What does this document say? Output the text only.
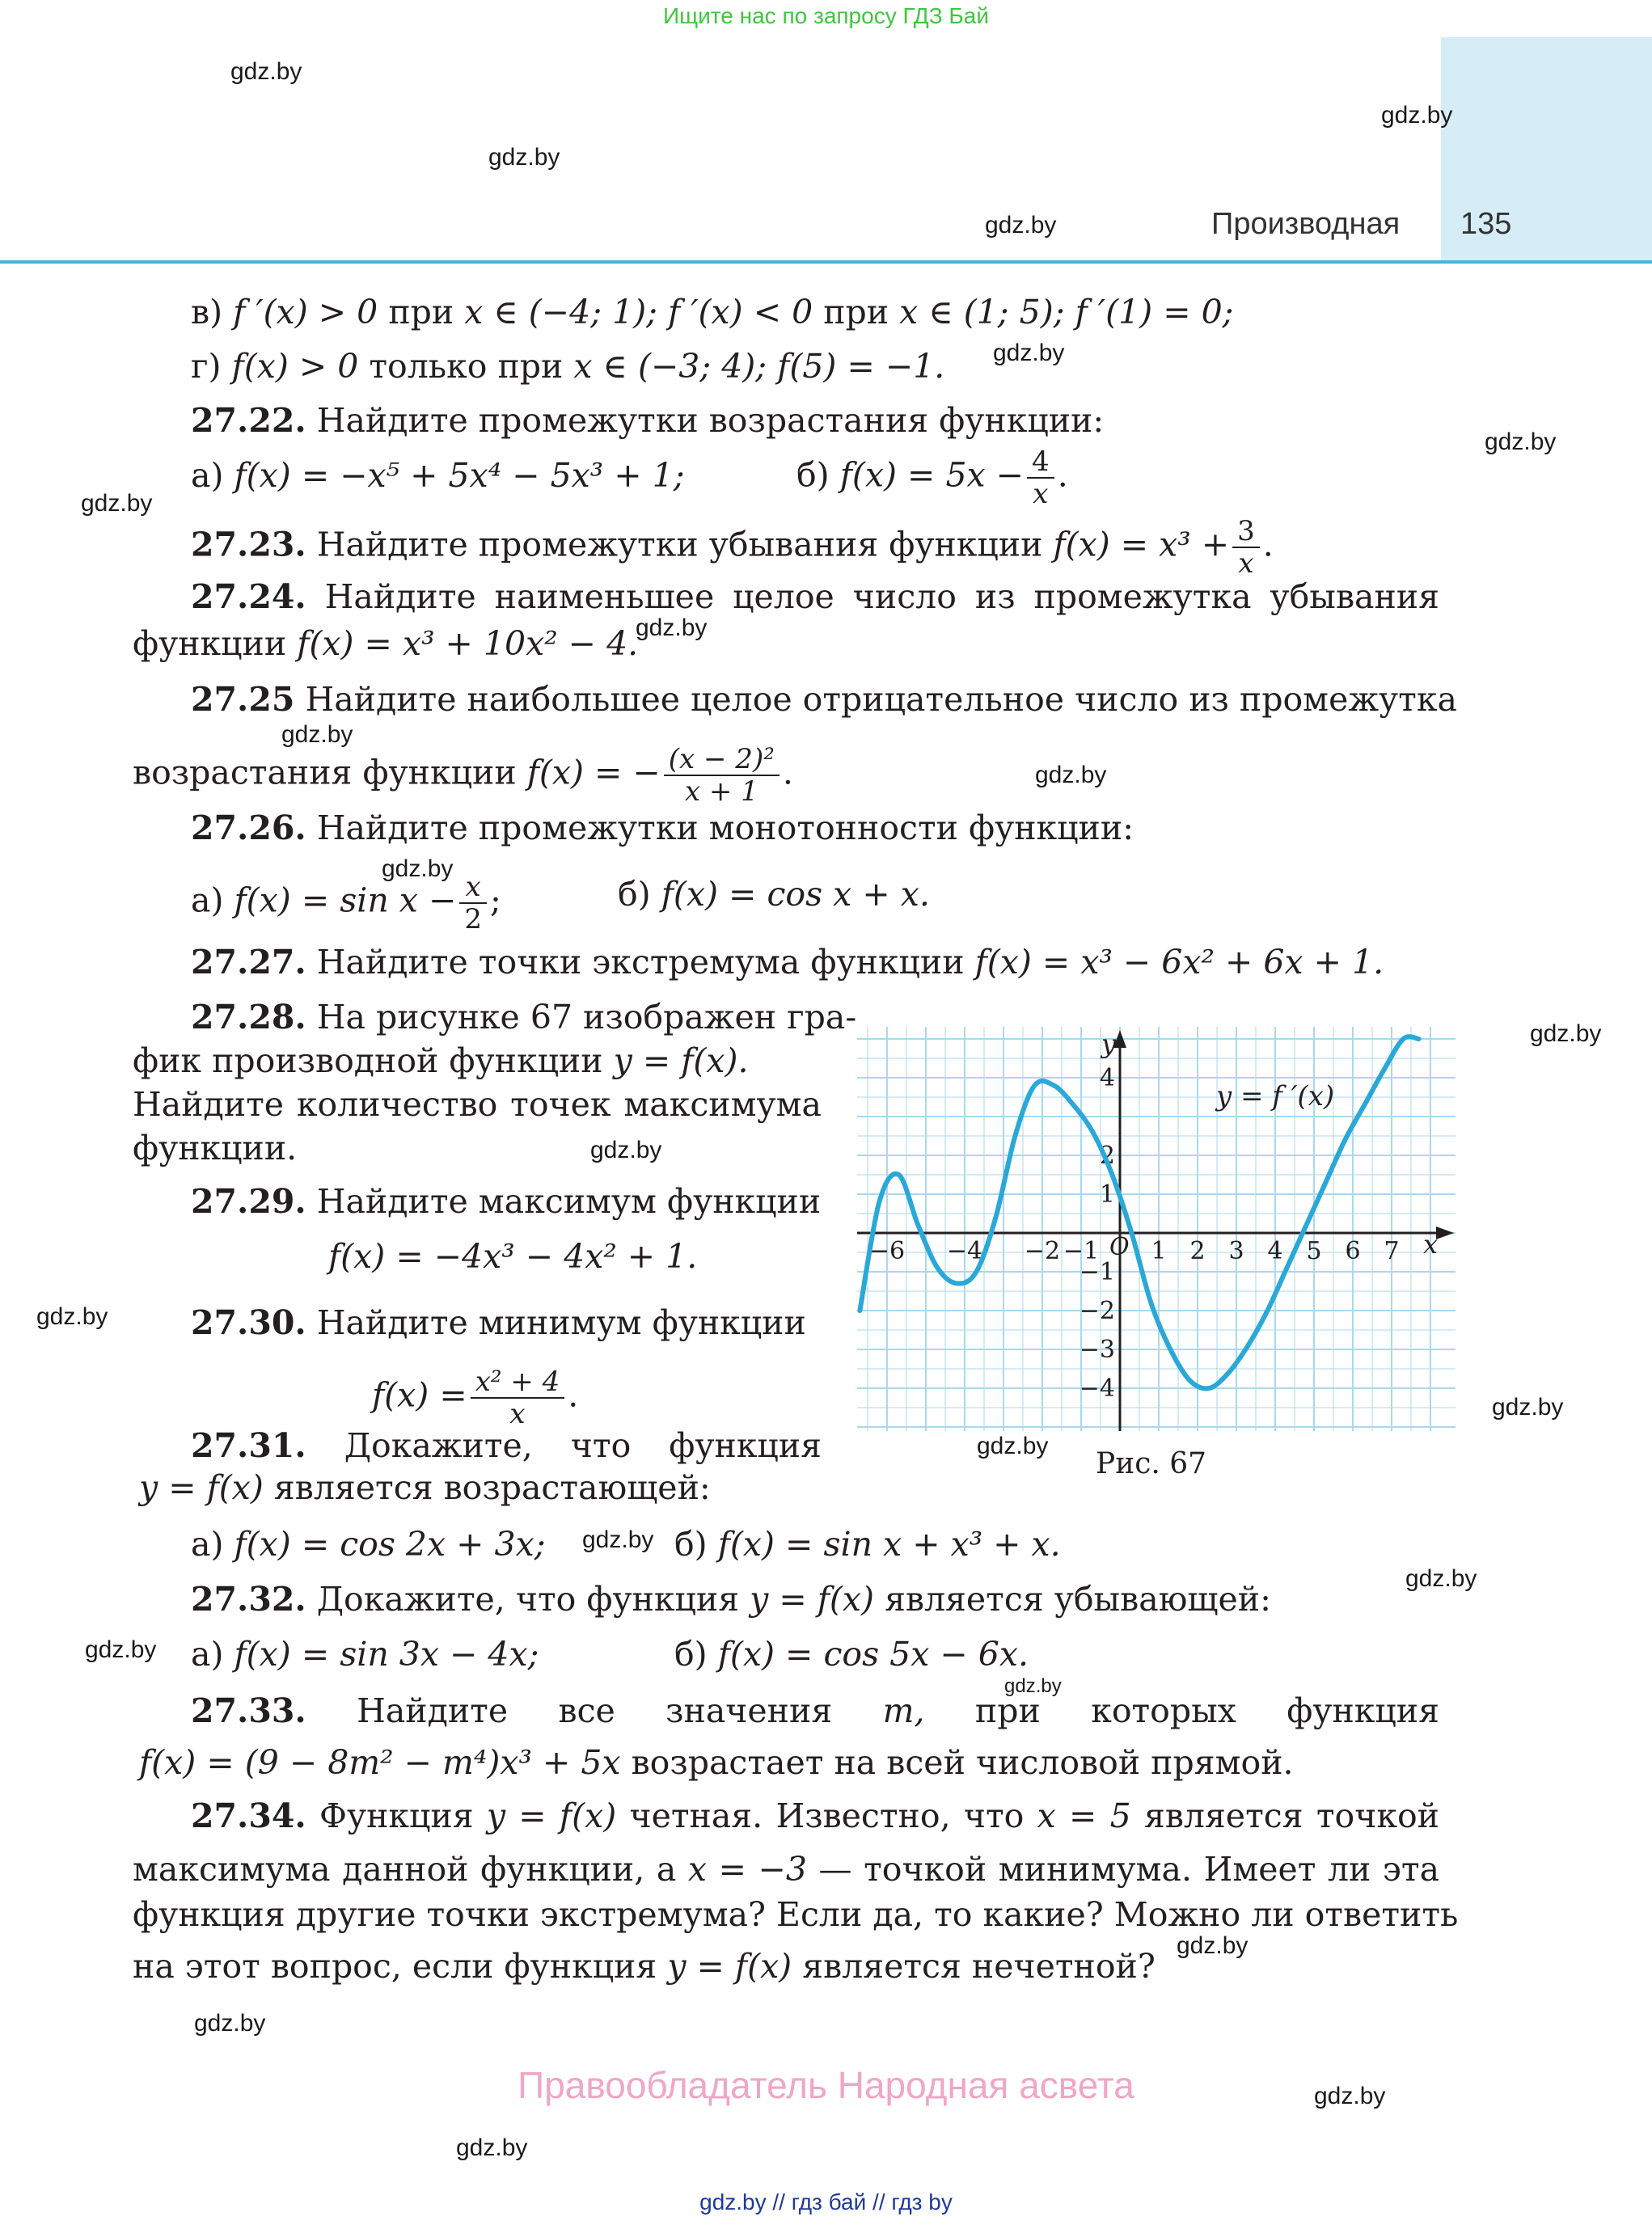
Ищите нас по запросу ГДЗ Бай
Производная 135
gdz.by
gdz.by
gdz.by
gdz.by
gdz.by
gdz.by
gdz.by
gdz.by
gdz.by
gdz.by
gdz.by
gdz.by
gdz.by
gdz.by
gdz.by
gdz.by
gdz.by
gdz.by
gdz.by
gdz.by
gdz.by
gdz.by
gdz.by
gdz.by
в) f ′(x) > 0 при x ∈ (−4; 1); f ′(x) < 0 при x ∈ (1; 5); f ′(1) = 0;
г) f(x) > 0 только при x ∈ (−3; 4); f(5) = −1.
27.22. Найдите промежутки возрастания функции:
а) f(x) = −x⁵ + 5x⁴ − 5x³ + 1;	б) $f(x) = 5x - \frac{4}{x}$ .
27.23. Найдите промежутки убывания функции $f(x) = x^3 + \frac{3}{x}$ .
27.24. Найдите наименьшее целое число из промежутка убывания
функции f(x) = x³ + 10x² − 4.
27.25 Найдите наибольшее целое отрицательное число из промежутка
возрастания функции f(x) = − $\frac{\text{(x − 2)²}}{x + 1}$ .
27.26. Найдите промежутки монотонности функции:
а) $f(x) = \sin x - \frac{x}{2}$ ;	б) f(x) = cos x + x.
27.27. Найдите точки экстремума функции f(x) = x³ − 6x² + 6x + 1.
27.28. На рисунке 67 изображен гра-
фик производной функции y = f(x).
Найдите количество точек максимума
функции.
27.29. Найдите максимум функции
f(x) = −4x³ − 4x² + 1.
27.30. Найдите минимум функции
$f(x) = \frac{\text{x² + 4}}{x}$ .
27.31. Докажите, что функция
y = f(x) является возрастающей:
а) f(x) = cos 2x + 3x;	б) f(x) = sin x + x³ + x.
27.32. Докажите, что функция y = f(x) является убывающей:
а) f(x) = sin 3x − 4x;	б) f(x) = cos 5x − 6x.
27.33. Найдите все значения m, при которых функция
f(x) = (9 − 8m² − m⁴)x³ + 5x возрастает на всей числовой прямой.
27.34. Функция y = f(x) четная. Известно, что x = 5 является точкой
максимума данной функции, а x = −3 — точкой минимума. Имеет ли эта
функция другие точки экстремума? Если да, то какие? Можно ли ответить
на этот вопрос, если функция y = f(x) является нечетной?
−6 −4 −2 −1 1 2 3 4 5 6 7
4
2
1
−1
−2
−3
−4
y = f ′(x)
x
y
O
Рис. 67
Правообладатель Народная асвета
gdz.by // гдз бай // гдз by
